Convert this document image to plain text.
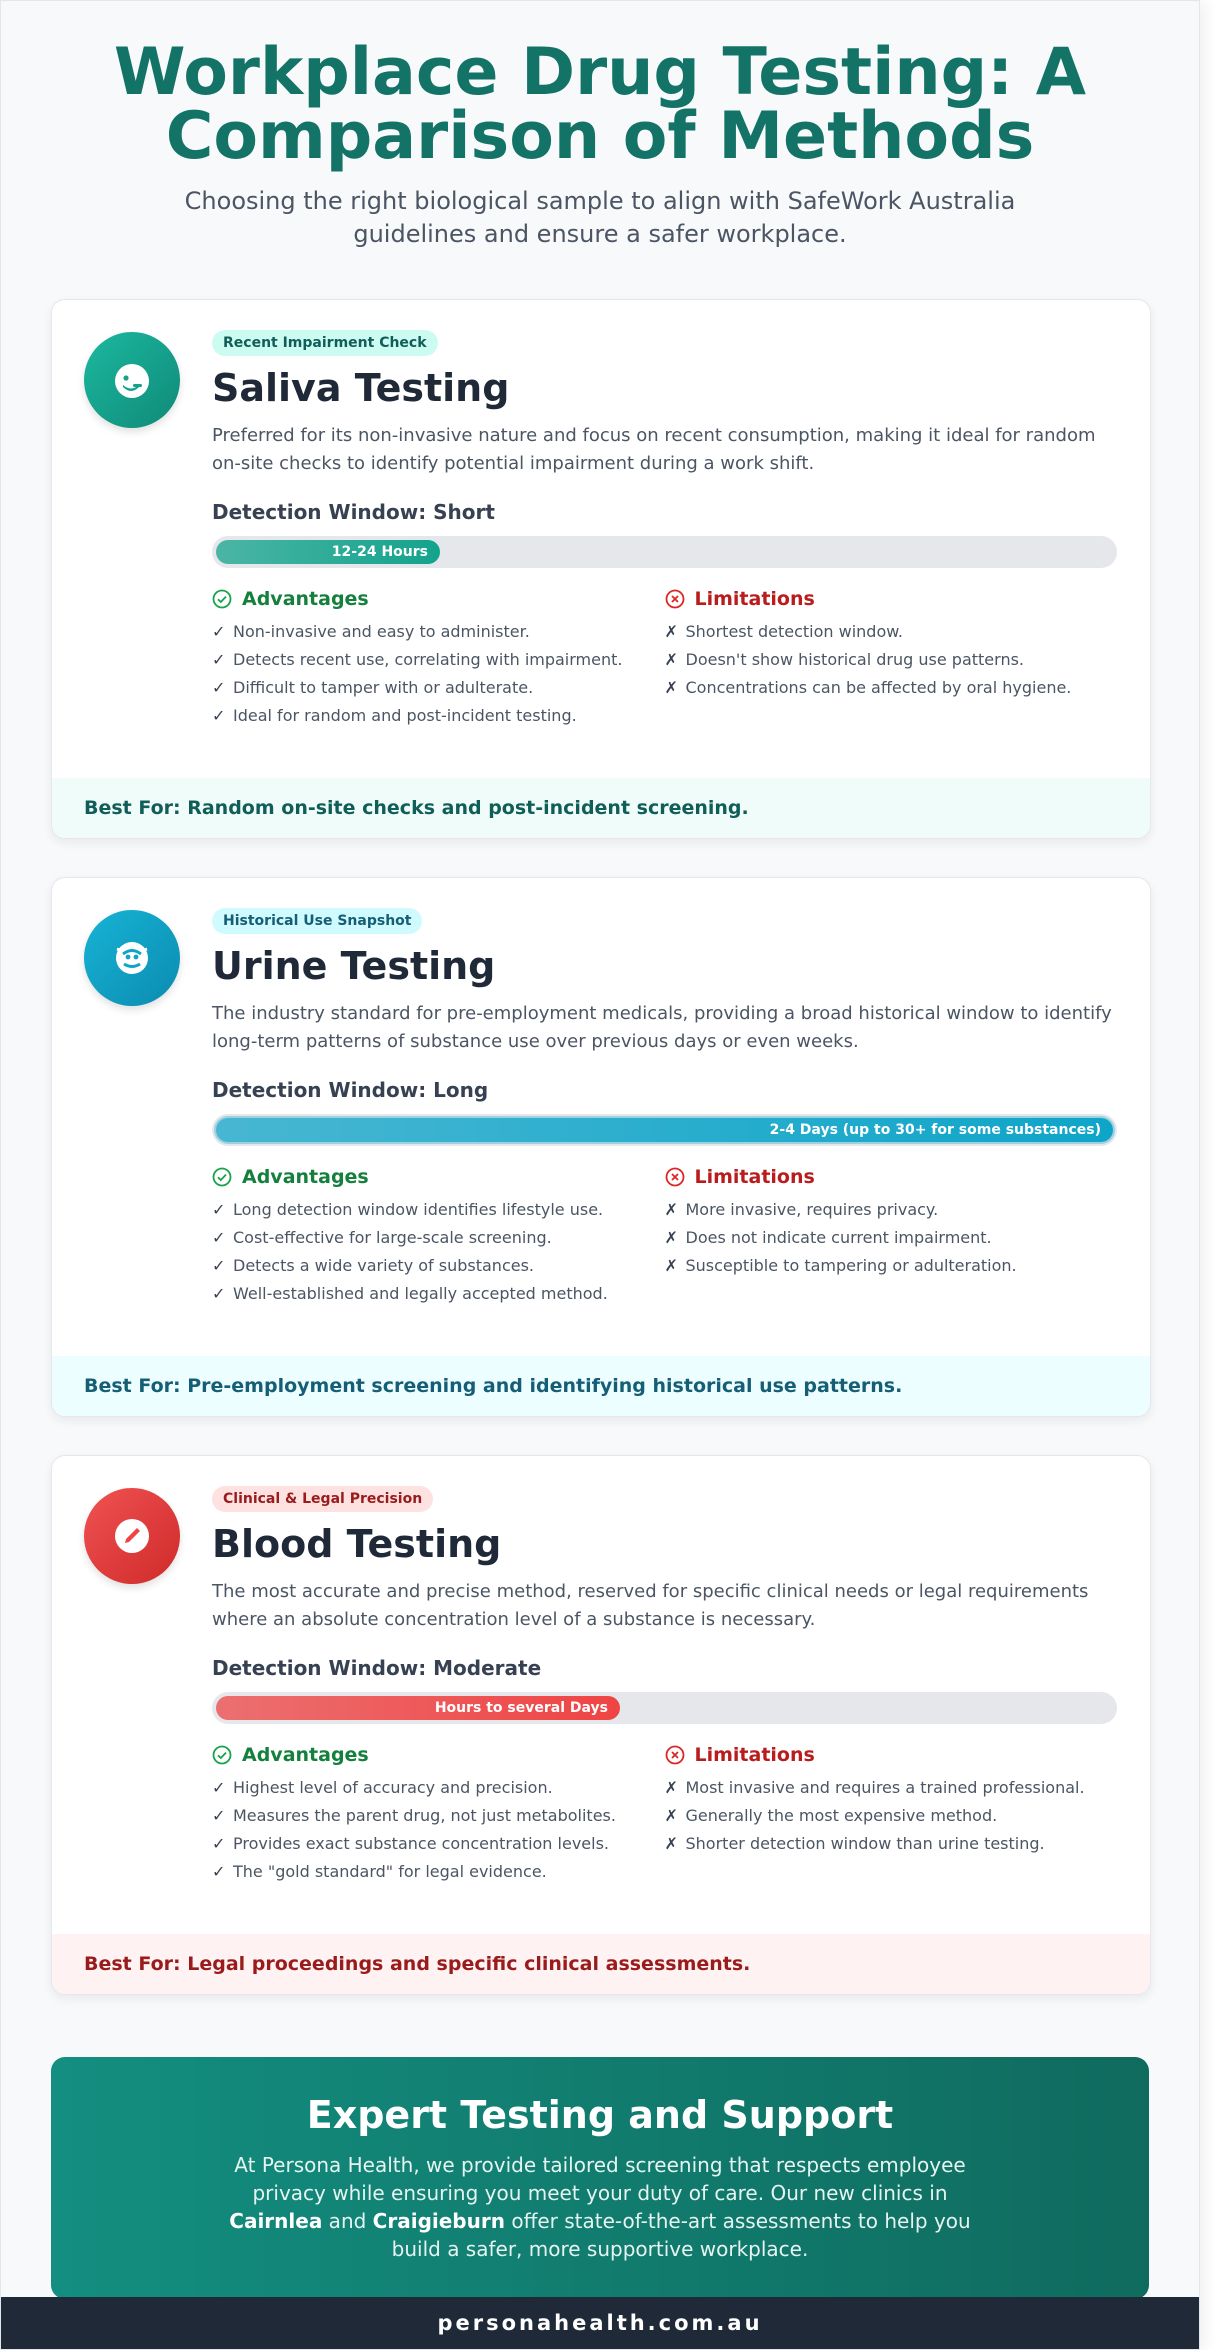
Workplace Drug Testing: A Comparison of Methods

Choosing the right biological sample to align with SafeWork Australia guidelines and ensure a safer workplace.

Recent Impairment Check
Saliva Testing

Preferred for its non-invasive nature and focus on recent consumption, making it ideal for random on-site checks to identify potential impairment during a work shift.

Detection Window: Short
12-24 Hours
Advantages
✓ Non-invasive and easy to administer.
✓ Detects recent use, correlating with impairment.
✓ Difficult to tamper with or adulterate.
✓ Ideal for random and post-incident testing.
Limitations
✗ Shortest detection window.
✗ Doesn't show historical drug use patterns.
✗ Concentrations can be affected by oral hygiene.
Best For: Random on-site checks and post-incident screening.
Historical Use Snapshot
Urine Testing

The industry standard for pre-employment medicals, providing a broad historical window to identify long-term patterns of substance use over previous days or even weeks.

Detection Window: Long
2-4 Days (up to 30+ for some substances)
Advantages
✓ Long detection window identifies lifestyle use.
✓ Cost-effective for large-scale screening.
✓ Detects a wide variety of substances.
✓ Well-established and legally accepted method.
Limitations
✗ More invasive, requires privacy.
✗ Does not indicate current impairment.
✗ Susceptible to tampering or adulteration.
Best For: Pre-employment screening and identifying historical use patterns.
Clinical & Legal Precision
Blood Testing

The most accurate and precise method, reserved for specific clinical needs or legal requirements where an absolute concentration level of a substance is necessary.

Detection Window: Moderate
Hours to several Days
Advantages
✓ Highest level of accuracy and precision.
✓ Measures the parent drug, not just metabolites.
✓ Provides exact substance concentration levels.
✓ The "gold standard" for legal evidence.
Limitations
✗ Most invasive and requires a trained professional.
✗ Generally the most expensive method.
✗ Shorter detection window than urine testing.
Best For: Legal proceedings and specific clinical assessments.
Expert Testing and Support
At Persona Health, we provide tailored screening that respects employee privacy while ensuring you meet your duty of care. Our new clinics in Cairnlea and Craigieburn offer state-of-the-art assessments to help you build a safer, more supportive workplace.
personahealth.com.au
